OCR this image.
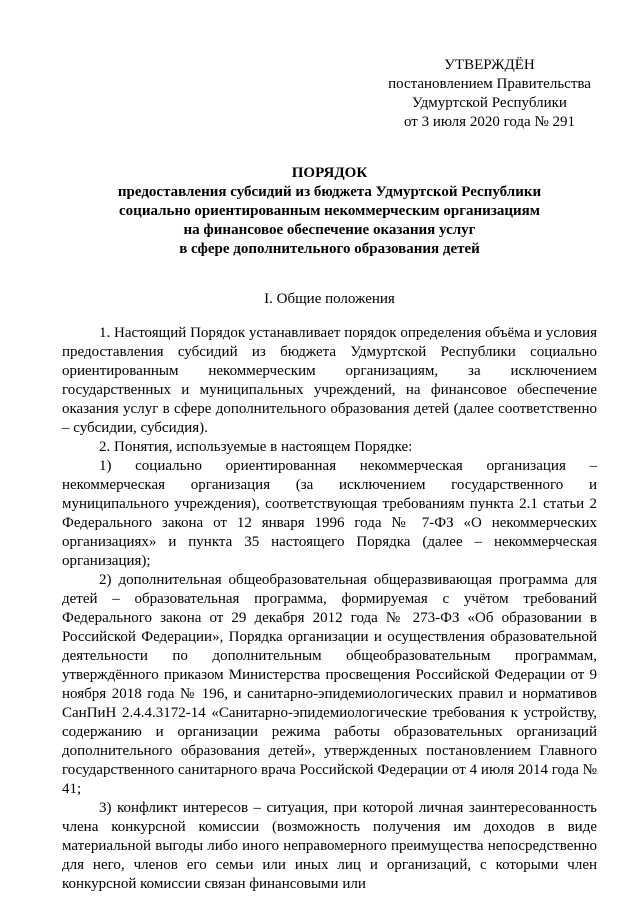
УТВЕРЖДЁН
постановлением Правительства
Удмуртской Республики
от 3 июля 2020 года № 291
ПОРЯДОК
предоставления субсидий из бюджета Удмуртской Республики
социально ориентированным некоммерческим организациям
на финансовое обеспечение оказания услуг
в сфере дополнительного образования детей
I. Общие положения

1. Настоящий Порядок устанавливает порядок определения объёма и условия предоставления субсидий из бюджета Удмуртской Республики социально ориентированным некоммерческим организациям, за исключением государственных и муниципальных учреждений, на финансовое обеспечение оказания услуг в сфере дополнительного образования детей (далее соответственно – субсидии, субсидия).

2. Понятия, используемые в настоящем Порядке:

1) социально ориентированная некоммерческая организация – некоммерческая организация (за исключением государственного и муниципального учреждения), соответствующая требованиям пункта 2.1 статьи 2 Федерального закона от 12 января 1996 года № 7-ФЗ «О некоммерческих организациях» и пункта 35 настоящего Порядка (далее – некоммерческая организация);

2) дополнительная общеобразовательная общеразвивающая программа для детей – образовательная программа, формируемая с учётом требований Федерального закона от 29 декабря 2012 года № 273-ФЗ «Об образовании в Российской Федерации», Порядка организации и осуществления образовательной деятельности по дополнительным общеобразовательным программам, утверждённого приказом Министерства просвещения Российской Федерации от 9 ноября 2018 года № 196, и санитарно-эпидемиологических правил и нормативов СанПиН 2.4.4.3172-14 «Санитарно-эпидемиологические требования к устройству, содержанию и организации режима работы образовательных организаций дополнительного образования детей», утвержденных постановлением Главного государственного санитарного врача Российской Федерации от 4 июля 2014 года № 41;

3) конфликт интересов – ситуация, при которой личная заинтересованность члена конкурсной комиссии (возможность получения им доходов в виде материальной выгоды либо иного неправомерного преимущества непосредственно для него, членов его семьи или иных лиц и организаций, с которыми член конкурсной комиссии связан финансовыми или
